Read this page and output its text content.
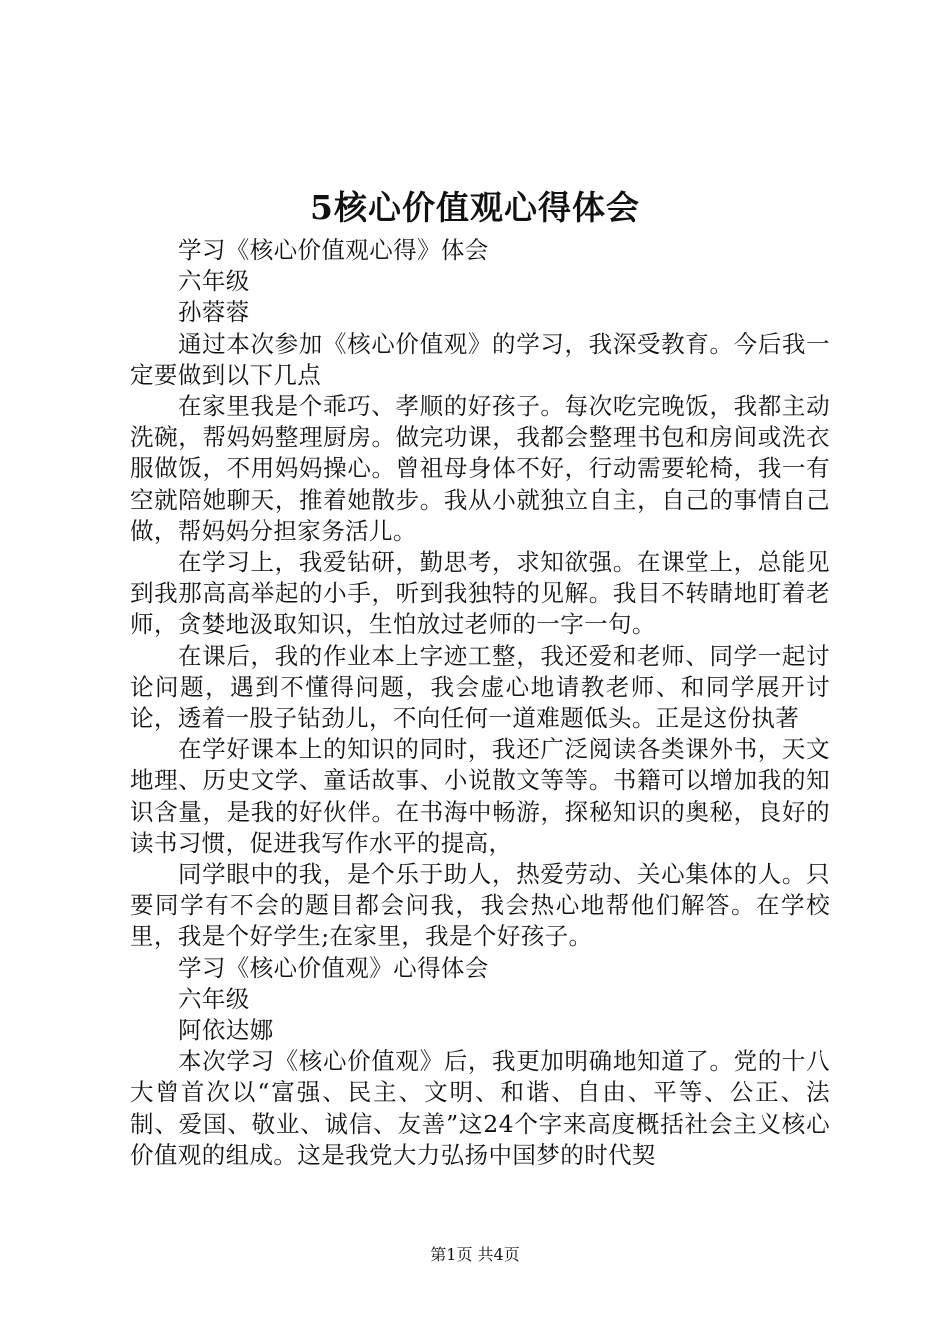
5核心价值观心得体会

学习《核心价值观心得》体会

六年级

孙蓉蓉

通过本次参加《核心价值观》的学习，我深受教育。今后我一定要做到以下几点

在家里我是个乖巧、孝顺的好孩子。每次吃完晚饭，我都主动洗碗，帮妈妈整理厨房。做完功课，我都会整理书包和房间或洗衣服做饭，不用妈妈操心。曾祖母身体不好，行动需要轮椅，我一有空就陪她聊天，推着她散步。我从小就独立自主，自己的事情自己做，帮妈妈分担家务活儿。

在学习上，我爱钻研，勤思考，求知欲强。在课堂上，总能见到我那高高举起的小手，听到我独特的见解。我目不转睛地盯着老师，贪婪地汲取知识，生怕放过老师的一字一句。

在课后，我的作业本上字迹工整，我还爱和老师、同学一起讨论问题，遇到不懂得问题，我会虚心地请教老师、和同学展开讨论，透着一股子钻劲儿，不向任何一道难题低头。正是这份执著

在学好课本上的知识的同时，我还广泛阅读各类课外书，天文地理、历史文学、童话故事、小说散文等等。书籍可以增加我的知识含量，是我的好伙伴。在书海中畅游，探秘知识的奥秘，良好的读书习惯，促进我写作水平的提高，

同学眼中的我，是个乐于助人，热爱劳动、关心集体的人。只要同学有不会的题目都会问我，我会热心地帮他们解答。在学校里，我是个好学生;在家里，我是个好孩子。

学习《核心价值观》心得体会

六年级

阿依达娜

本次学习《核心价值观》后，我更加明确地知道了。党的十八大曾首次以“富强、民主、文明、和谐、自由、平等、公正、法制、爱国、敬业、诚信、友善”这24个字来高度概括社会主义核心价值观的组成。这是我党大力弘扬中国梦的时代契

第1页 共4页
